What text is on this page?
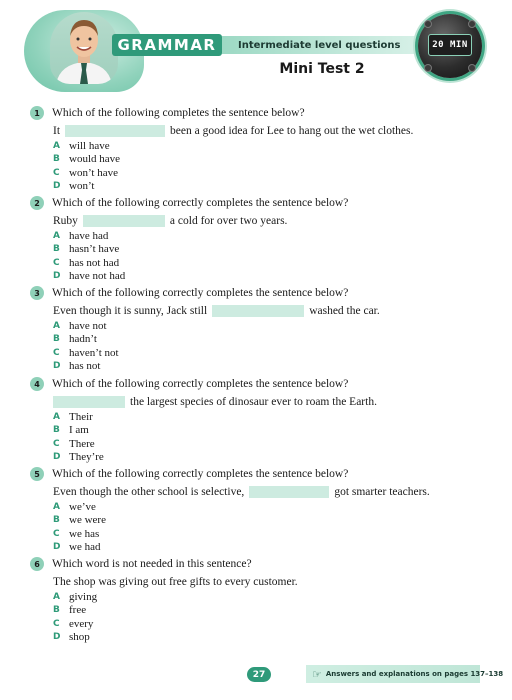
GRAMMAR Intermediate level questions
Mini Test 2
20 MIN
1	Which of the following completes the sentence below?
It	been a good idea for Lee to hang out the wet clothes.
A will have
B would have
C won’t have
D won’t
2	Which of the following correctly completes the sentence below?
Ruby	a cold for over two years.
A have had
B hasn’t have
C has not had
D have not had
3	Which of the following correctly completes the sentence below?
Even though it is sunny, Jack still	washed the car.
A have not
B hadn’t
C haven’t not
D has not
4	Which of the following correctly completes the sentence below?
the largest species of dinosaur ever to roam the Earth.
A Their
B I am
C There
D They’re
5	Which of the following correctly completes the sentence below?
Even though the other school is selective,	got smarter teachers.
A we’ve
B we were
C we has
D we had
6	Which word is not needed in this sentence?
The shop was giving out free gifts to every customer.
A giving
B free
C every
D shop
27	☞ Answers and explanations on pages 137–138
